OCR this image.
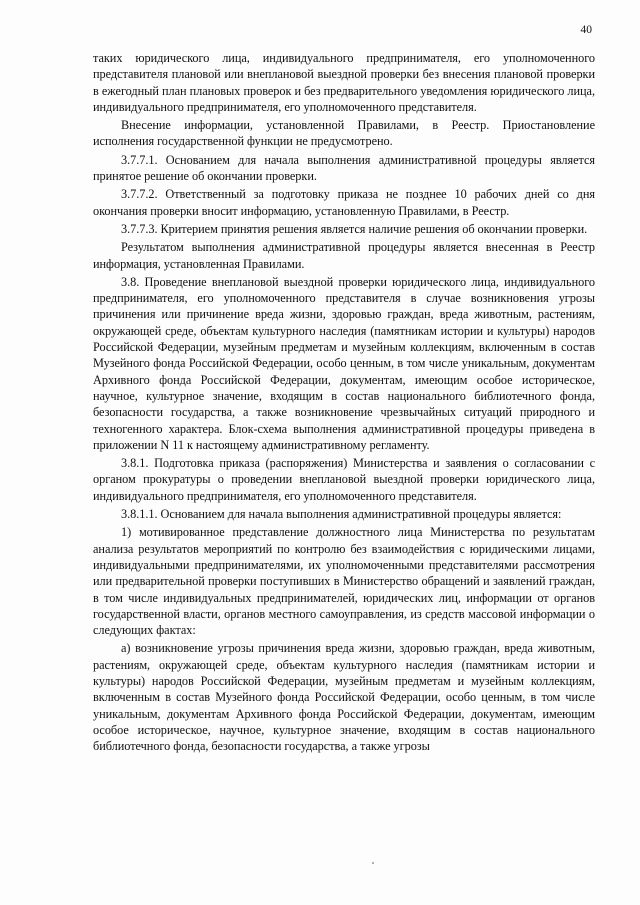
40

таких юридического лица, индивидуального предпринимателя, его уполномоченного представителя плановой или внеплановой выездной проверки без внесения плановой проверки в ежегодный план плановых проверок и без предварительного уведомления юридического лица, индивидуального предпринимателя, его уполномоченного представителя.

Внесение информации, установленной Правилами, в Реестр. Приостановление исполнения государственной функции не предусмотрено.

3.7.7.1. Основанием для начала выполнения административной процедуры является принятое решение об окончании проверки.

3.7.7.2. Ответственный за подготовку приказа не позднее 10 рабочих дней со дня окончания проверки вносит информацию, установленную Правилами, в Реестр.

3.7.7.3. Критерием принятия решения является наличие решения об окончании проверки.

Результатом выполнения административной процедуры является внесенная в Реестр информация, установленная Правилами.

3.8. Проведение внеплановой выездной проверки юридического лица, индивидуального предпринимателя, его уполномоченного представителя в случае возникновения угрозы причинения или причинение вреда жизни, здоровью граждан, вреда животным, растениям, окружающей среде, объектам культурного наследия (памятникам истории и культуры) народов Российской Федерации, музейным предметам и музейным коллекциям, включенным в состав Музейного фонда Российской Федерации, особо ценным, в том числе уникальным, документам Архивного фонда Российской Федерации, документам, имеющим особое историческое, научное, культурное значение, входящим в состав национального библиотечного фонда, безопасности государства, а также возникновение чрезвычайных ситуаций природного и техногенного характера. Блок-схема выполнения административной процедуры приведена в приложении N 11 к настоящему административному регламенту.

3.8.1. Подготовка приказа (распоряжения) Министерства и заявления о согласовании с органом прокуратуры о проведении внеплановой выездной проверки юридического лица, индивидуального предпринимателя, его уполномоченного представителя.

3.8.1.1. Основанием для начала выполнения административной процедуры является:

1) мотивированное представление должностного лица Министерства по результатам анализа результатов мероприятий по контролю без взаимодействия с юридическими лицами, индивидуальными предпринимателями, их уполномоченными представителями рассмотрения или предварительной проверки поступивших в Министерство обращений и заявлений граждан, в том числе индивидуальных предпринимателей, юридических лиц, информации от органов государственной власти, органов местного самоуправления, из средств массовой информации о следующих фактах:

а) возникновение угрозы причинения вреда жизни, здоровью граждан, вреда животным, растениям, окружающей среде, объектам культурного наследия (памятникам истории и культуры) народов Российской Федерации, музейным предметам и музейным коллекциям, включенным в состав Музейного фонда Российской Федерации, особо ценным, в том числе уникальным, документам Архивного фонда Российской Федерации, документам, имеющим особое историческое, научное, культурное значение, входящим в состав национального библиотечного фонда, безопасности государства, а также угрозы
